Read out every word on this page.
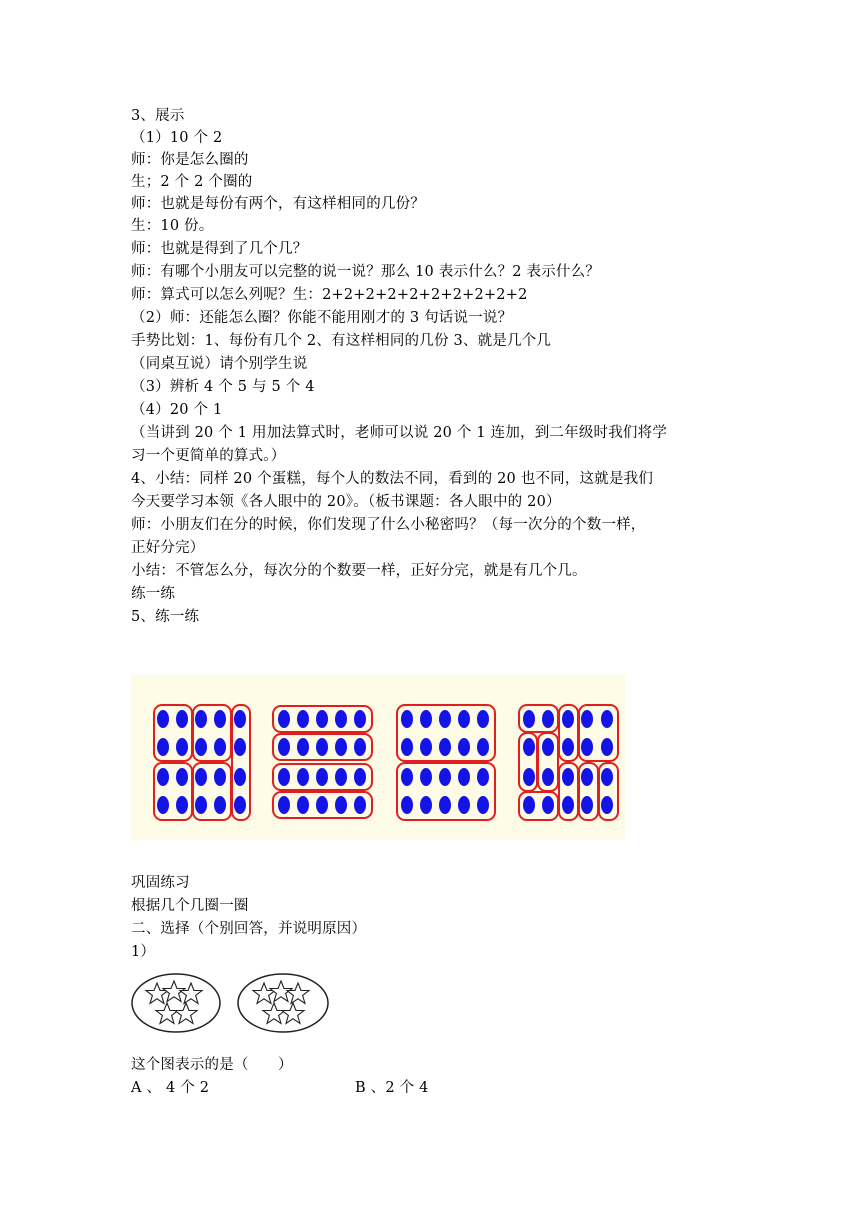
3、展示
（1）10 个 2
师：你是怎么圈的
生；2 个 2 个圈的
师：也就是每份有两个，有这样相同的几份？
生：10 份。
师：也就是得到了几个几？
师：有哪个小朋友可以完整的说一说？那么 10 表示什么？2 表示什么？
师：算式可以怎么列呢？生：2+2+2+2+2+2+2+2+2+2
（2）师：还能怎么圈？你能不能用刚才的 3 句话说一说？
手势比划：1、每份有几个 2、有这样相同的几份 3、就是几个几
（同桌互说）请个别学生说
（3）辨析 4 个 5 与 5 个 4
（4）20 个 1
（当讲到 20 个 1 用加法算式时，老师可以说 20 个 1 连加，到二年级时我们将学
习一个更简单的算式。）
4、小结：同样 20 个蛋糕，每个人的数法不同，看到的 20 也不同，这就是我们
今天要学习本领《各人眼中的 20》。（板书课题：各人眼中的 20）
师：小朋友们在分的时候，你们发现了什么小秘密吗？（每一次分的个数一样，
正好分完）
小结：不管怎么分，每次分的个数要一样，正好分完，就是有几个几。
练一练
5、练一练
巩固练习
根据几个几圈一圈
二、选择（个别回答，并说明原因）
1）
这个图表示的是（　　）
A 、 4 个 2	B 、2 个 4
